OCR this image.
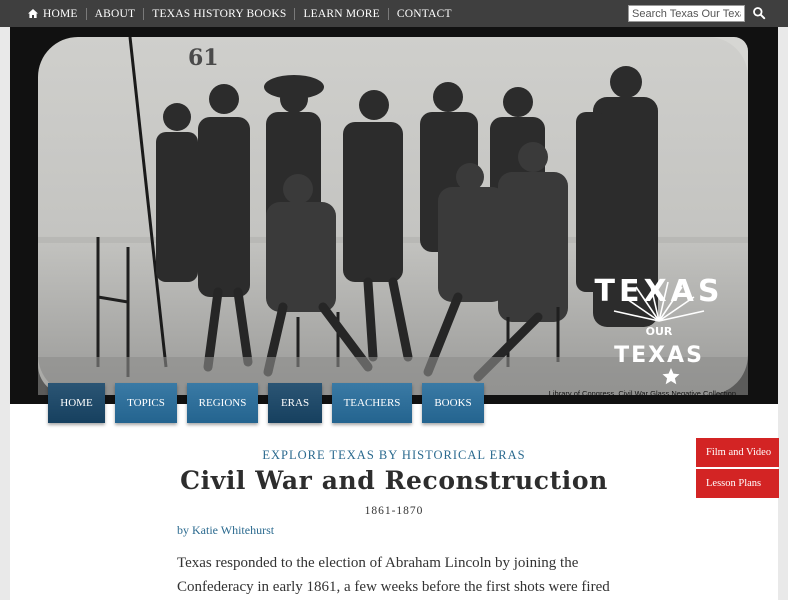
HOME	ABOUT	TEXAS HISTORY BOOKS	LEARN MORE	CONTACT
Search Texas Our Texas
61
TEXAS
OUR
TEXAS
Library of Congress, Civil War Glass Negative Collection
EXPLORE TEXAS BY HISTORICAL ERAS
Civil War and Reconstruction
1861-1870
by Katie Whitehurst

Texas responded to the election of Abraham Lincoln by joining the Confederacy in early 1861, a few weeks before the first shots were fired

HOME	TOPICS	REGIONS	ERAS	TEACHERS	BOOKS
Film and Video
Lesson Plans
